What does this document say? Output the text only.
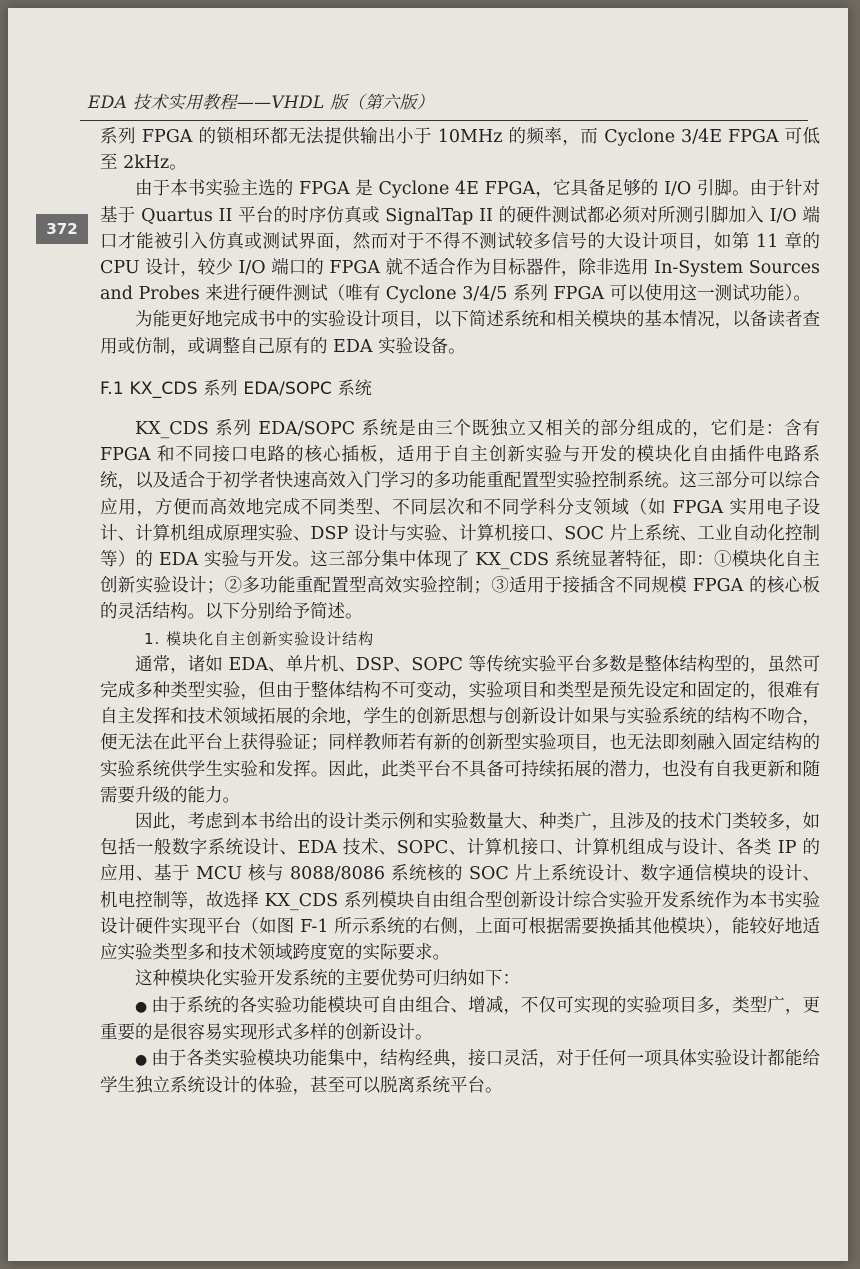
EDA 技术实用教程——VHDL 版（第六版）
372

系列 FPGA 的锁相环都无法提供输出小于 10MHz 的频率，而 Cyclone 3/4E FPGA 可低至 2kHz。

由于本书实验主选的 FPGA 是 Cyclone 4E FPGA，它具备足够的 I/O 引脚。由于针对基于 Quartus II 平台的时序仿真或 SignalTap II 的硬件测试都必须对所测引脚加入 I/O 端口才能被引入仿真或测试界面，然而对于不得不测试较多信号的大设计项目，如第 11 章的 CPU 设计，较少 I/O 端口的 FPGA 就不适合作为目标器件，除非选用 In-System Sources and Probes 来进行硬件测试（唯有 Cyclone 3/4/5 系列 FPGA 可以使用这一测试功能）。

为能更好地完成书中的实验设计项目，以下简述系统和相关模块的基本情况，以备读者查用或仿制，或调整自己原有的 EDA 实验设备。

F.1 KX_CDS 系列 EDA/SOPC 系统

KX_CDS 系列 EDA/SOPC 系统是由三个既独立又相关的部分组成的，它们是：含有 FPGA 和不同接口电路的核心插板，适用于自主创新实验与开发的模块化自由插件电路系统，以及适合于初学者快速高效入门学习的多功能重配置型实验控制系统。这三部分可以综合应用，方便而高效地完成不同类型、不同层次和不同学科分支领域（如 FPGA 实用电子设计、计算机组成原理实验、DSP 设计与实验、计算机接口、SOC 片上系统、工业自动化控制等）的 EDA 实验与开发。这三部分集中体现了 KX_CDS 系统显著特征，即：①模块化自主创新实验设计；②多功能重配置型高效实验控制；③适用于接插含不同规模 FPGA 的核心板的灵活结构。以下分别给予简述。

1. 模块化自主创新实验设计结构

通常，诸如 EDA、单片机、DSP、SOPC 等传统实验平台多数是整体结构型的，虽然可完成多种类型实验，但由于整体结构不可变动，实验项目和类型是预先设定和固定的，很难有自主发挥和技术领域拓展的余地，学生的创新思想与创新设计如果与实验系统的结构不吻合，便无法在此平台上获得验证；同样教师若有新的创新型实验项目，也无法即刻融入固定结构的实验系统供学生实验和发挥。因此，此类平台不具备可持续拓展的潜力，也没有自我更新和随需要升级的能力。

因此，考虑到本书给出的设计类示例和实验数量大、种类广，且涉及的技术门类较多，如包括一般数字系统设计、EDA 技术、SOPC、计算机接口、计算机组成与设计、各类 IP 的应用、基于 MCU 核与 8088/8086 系统核的 SOC 片上系统设计、数字通信模块的设计、机电控制等，故选择 KX_CDS 系列模块自由组合型创新设计综合实验开发系统作为本书实验设计硬件实现平台（如图 F-1 所示系统的右侧，上面可根据需要换插其他模块），能较好地适应实验类型多和技术领域跨度宽的实际要求。

这种模块化实验开发系统的主要优势可归纳如下：

● 由于系统的各实验功能模块可自由组合、增减，不仅可实现的实验项目多，类型广，更重要的是很容易实现形式多样的创新设计。

● 由于各类实验模块功能集中，结构经典，接口灵活，对于任何一项具体实验设计都能给学生独立系统设计的体验，甚至可以脱离系统平台。
